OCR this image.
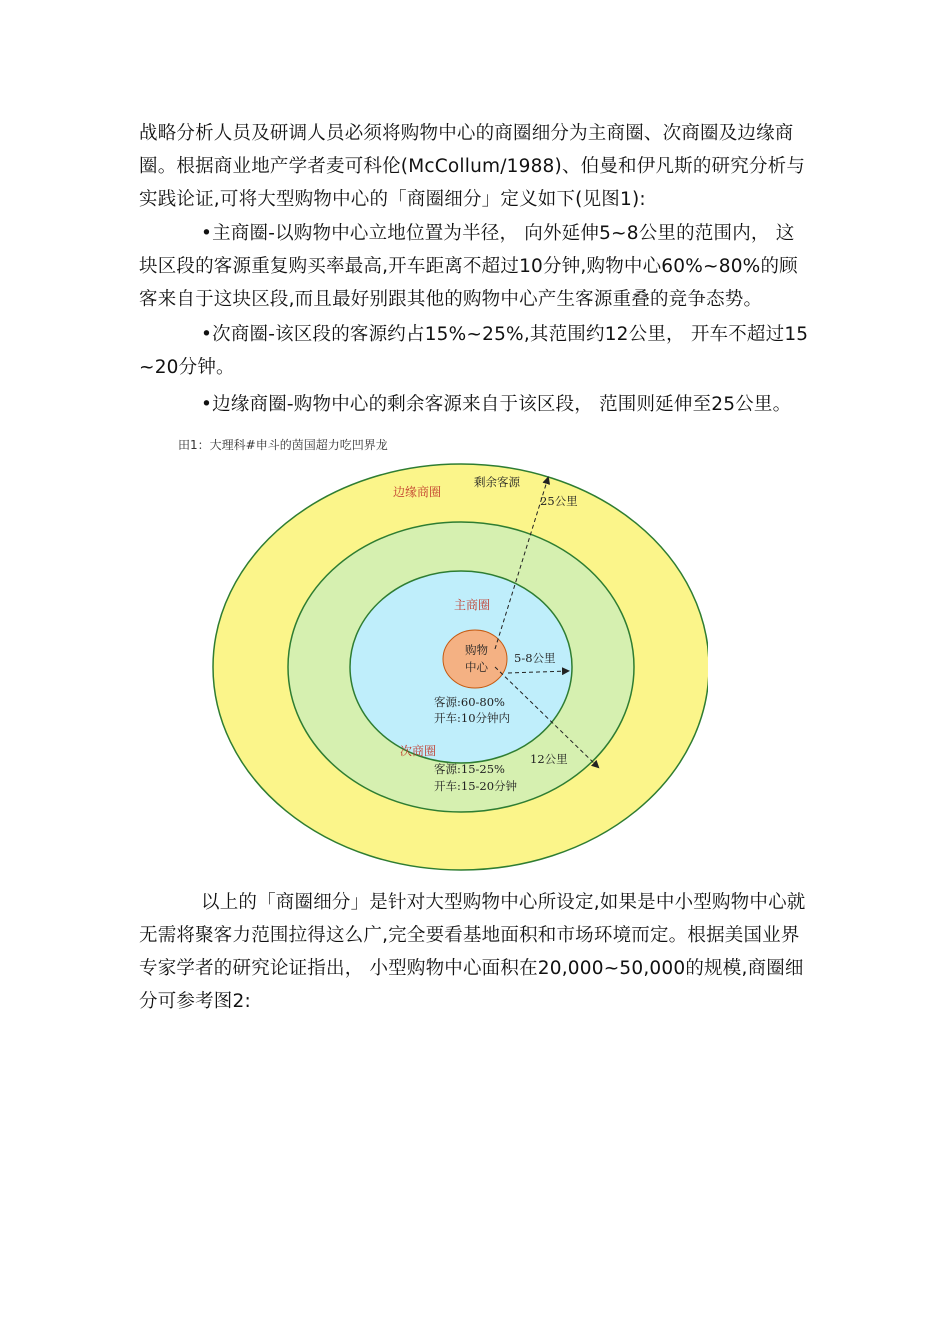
战略分析人员及研调人员必须将购物中心的商圈细分为主商圈、次商圈及边缘商圈。根据商业地产学者麦可科伦(McCollum/1988)、伯曼和伊凡斯的研究分析与实践论证,可将大型购物中心的「商圈细分」定义如下(见图1):

•主商圈-以购物中心立地位置为半径， 向外延伸5~8公里的范围内， 这块区段的客源重复购买率最高,开车距离不超过10分钟,购物中心60%~80%的顾客来自于这块区段,而且最好别跟其他的购物中心产生客源重叠的竞争态势。

•次商圈-该区段的客源约占15%~25%,其范围约12公里， 开车不超过15 ~20分钟。

•边缘商圈-购物中心的剩余客源来自于该区段， 范围则延伸至25公里。

田1：大理科#申斗的茵国超力吃凹界龙

边缘商圈
剩余客源
25公里
主商圈
5-8公里
购物
中心
客源:60-80%
开车:10分钟内
次商圈
12公里
客源:15-25%
开车:15-20分钟

以上的「商圈细分」是针对大型购物中心所设定,如果是中小型购物中心就无需将聚客力范围拉得这么广,完全要看基地面积和市场环境而定。根据美国业界专家学者的研究论证指出， 小型购物中心面积在20,000~50,000的规模,商圈细分可参考图2:
